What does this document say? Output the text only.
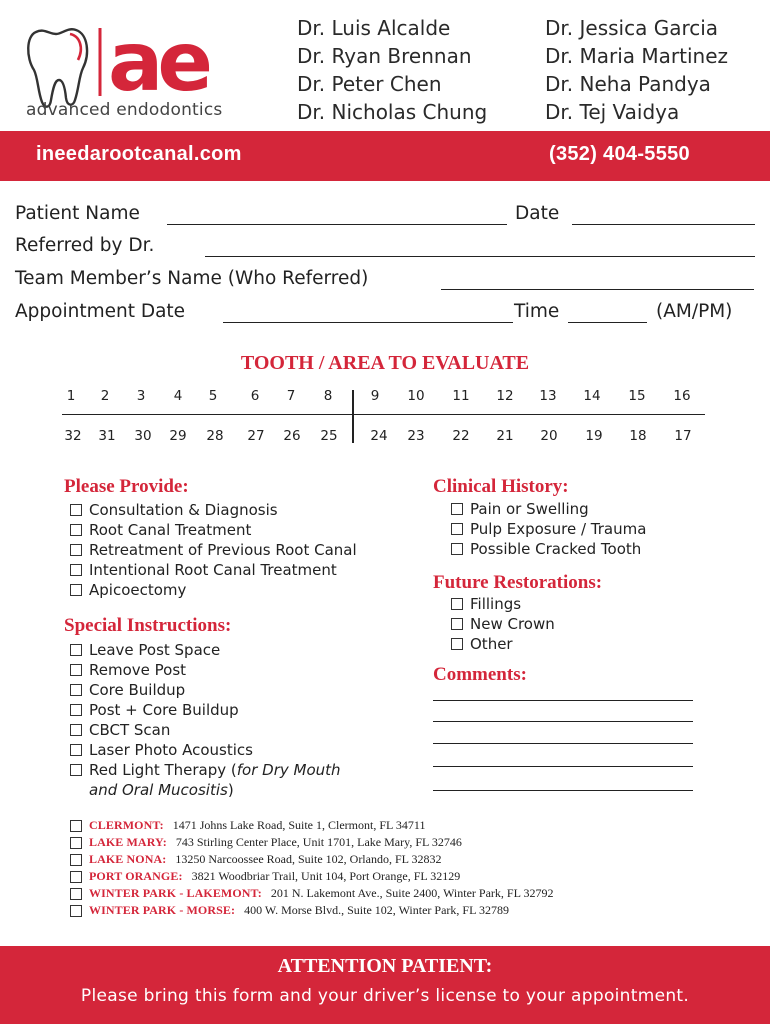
ae
advanced endodontics
Dr. Luis Alcalde
Dr. Ryan Brennan
Dr. Peter Chen
Dr. Nicholas Chung
Dr. Jessica Garcia
Dr. Maria Martinez
Dr. Neha Pandya
Dr. Tej Vaidya
ineedarootcanal.com	(352) 404-5550
Patient Name	Date
Referred by Dr.
Team Member’s Name (Who Referred)
Appointment Date	Time	(AM/PM)
TOOTH / AREA TO EVALUATE
1	2	3	4	5	6	7	8	9	10	11	12	13	14	15	16
32	31	30	29	28	27	26	25	24	23	22	21	20	19	18	17
Please Provide:
Consultation & Diagnosis
Root Canal Treatment
Retreatment of Previous Root Canal
Intentional Root Canal Treatment
Apicoectomy
Special Instructions:
Leave Post Space
Remove Post
Core Buildup
Post + Core Buildup
CBCT Scan
Laser Photo Acoustics
Red Light Therapy ( for Dry Mouth
and Oral Mucositis )
Clinical History:
Pain or Swelling
Pulp Exposure / Trauma
Possible Cracked Tooth
Future Restorations:
Fillings
New Crown
Other
Comments:
CLERMONT: 1471 Johns Lake Road, Suite 1, Clermont, FL 34711
LAKE MARY: 743 Stirling Center Place, Unit 1701, Lake Mary, FL 32746
LAKE NONA: 13250 Narcoossee Road, Suite 102, Orlando, FL 32832
PORT ORANGE: 3821 Woodbriar Trail, Unit 104, Port Orange, FL 32129
WINTER PARK - LAKEMONT: 201 N. Lakemont Ave., Suite 2400, Winter Park, FL 32792
WINTER PARK - MORSE: 400 W. Morse Blvd., Suite 102, Winter Park, FL 32789
ATTENTION PATIENT:
Please bring this form and your driver’s license to your appointment.
